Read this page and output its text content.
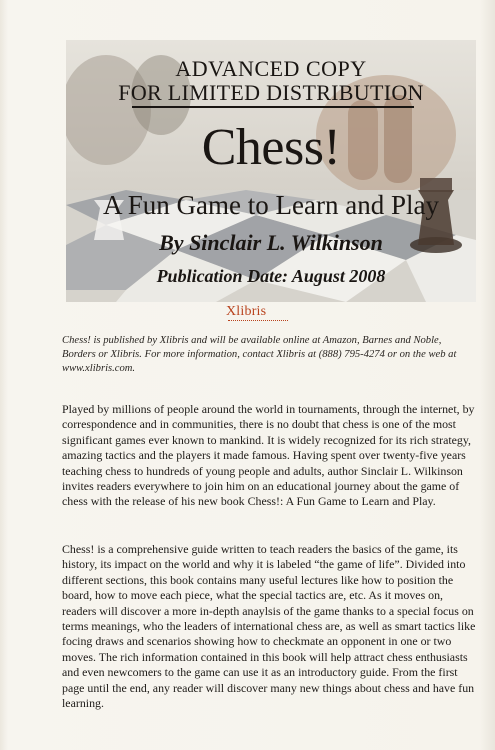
ADVANCED COPY
FOR LIMITED DISTRIBUTION
Chess!
A Fun Game to Learn and Play
By Sinclair L. Wilkinson
Publication Date: August 2008
Xlibris

Chess! is published by Xlibris and will be available online at Amazon, Barnes and Noble, Borders or Xlibris. For more information, contact Xlibris at (888) 795-4274 or on the web at www.xlibris.com.

Played by millions of people around the world in tournaments, through the internet, by correspondence and in communities, there is no doubt that chess is one of the most significant games ever known to mankind. It is widely recognized for its rich strategy, amazing tactics and the players it made famous. Having spent over twenty-five years teaching chess to hundreds of young people and adults, author Sinclair L. Wilkinson invites readers everywhere to join him on an educational journey about the game of chess with the release of his new book Chess!: A Fun Game to Learn and Play.

Chess! is a comprehensive guide written to teach readers the basics of the game, its history, its impact on the world and why it is labeled “the game of life”. Divided into different sections, this book contains many useful lectures like how to position the board, how to move each piece, what the special tactics are, etc. As it moves on, readers will discover a more in-depth anaylsis of the game thanks to a special focus on terms meanings, who the leaders of international chess are, as well as smart tactics like focing draws and scenarios showing how to checkmate an opponent in one or two moves. The rich information contained in this book will help attract chess enthusiasts and even newcomers to the game can use it as an introductory guide. From the first page until the end, any reader will discover many new things about chess and have fun learning.
